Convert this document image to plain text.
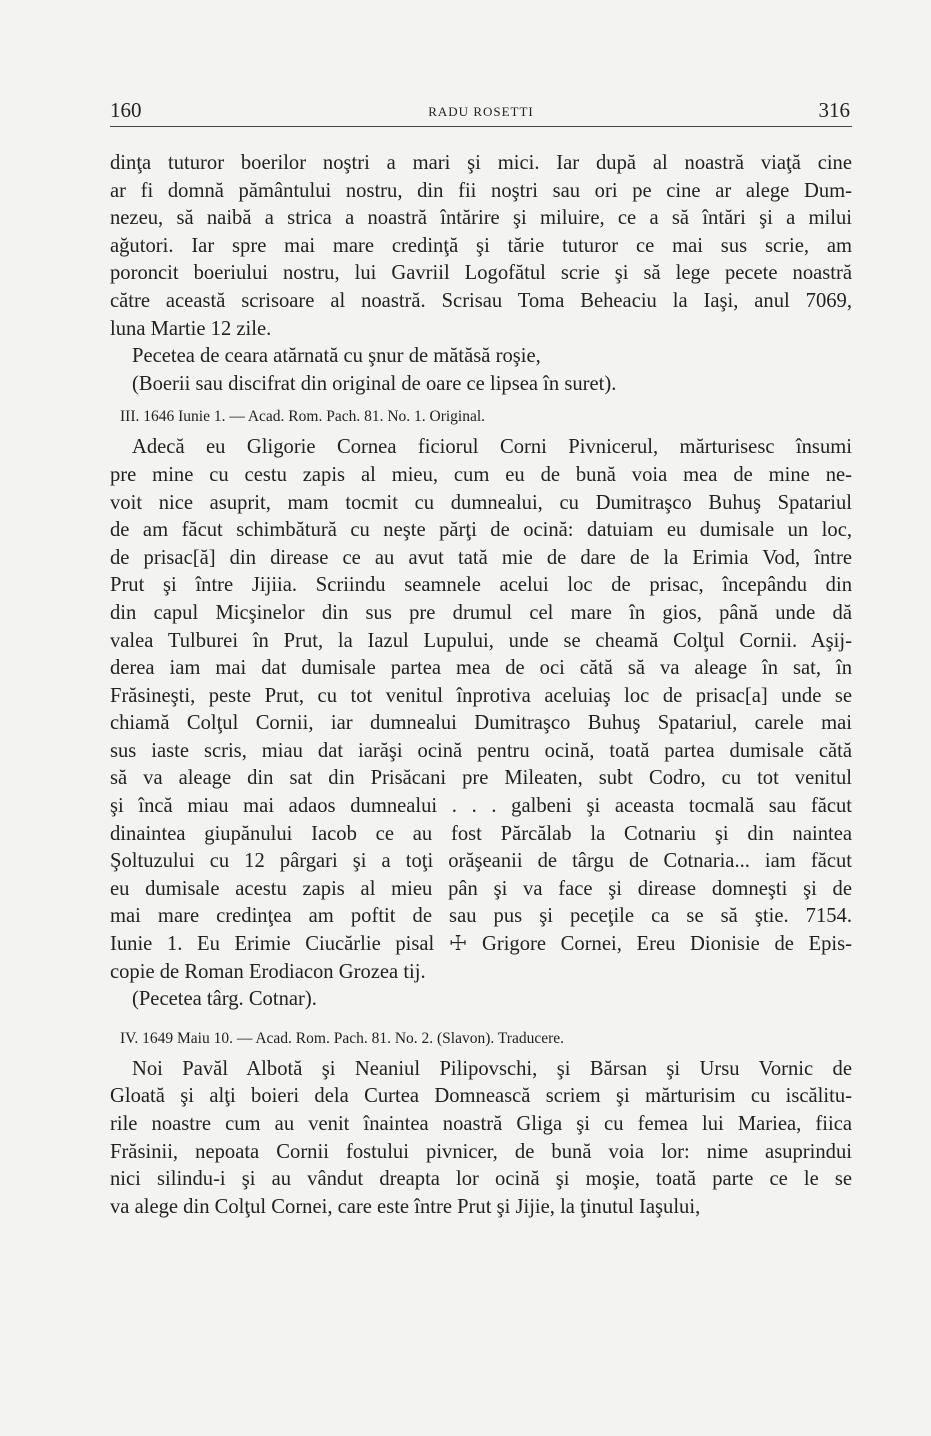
160	RADU ROSETTI	316

dinţa tuturor boerilor noştri a mari şi mici. Iar după al noastră viaţă cine
ar fi domnă pământului nostru, din fii noştri sau ori pe cine ar alege Dum-
nezeu, să naibă a strica a noastră întărire şi miluire, ce a să întări şi a milui
ağutori. Iar spre mai mare credinţă şi tărie tuturor ce mai sus scrie, am
poroncit boeriului nostru, lui Gavriil Logofătul scrie şi să lege pecete noastră
către această scrisoare al noastră. Scrisau Toma Beheaciu la Iaşi, anul 7069,
luna Martie 12 zile.

Pecetea de ceara atărnată cu şnur de mătăsă roşie,

(Boerii sau discifrat din original de oare ce lipsea în suret).

III. 1646 Iunie 1. — Acad. Rom. Pach. 81. No. 1. Original.

Adecă eu Gligorie Cornea ficiorul Corni Pivnicerul, mărturisesc însumi
pre mine cu cestu zapis al mieu, cum eu de bună voia mea de mine ne-
voit nice asuprit, mam tocmit cu dumnealui, cu Dumitraşco Buhuş Spatariul
de am făcut schimbătură cu neşte părţi de ocină: datuiam eu dumisale un loc,
de prisac[ă] din direase ce au avut tată mie de dare de la Erimia Vod, între
Prut şi între Jijiia. Scriindu seamnele acelui loc de prisac, începându din
din capul Micşinelor din sus pre drumul cel mare în gios, până unde dă
valea Tulburei în Prut, la Iazul Lupului, unde se cheamă Colţul Cornii. Aşij-
derea iam mai dat dumisale partea mea de oci cătă să va aleage în sat, în
Frăsineşti, peste Prut, cu tot venitul înprotiva aceluiaş loc de prisac[a] unde se
chiamă Colţul Cornii, iar dumnealui Dumitraşco Buhuş Spatariul, carele mai
sus iaste scris, miau dat iarăşi ocină pentru ocină, toată partea dumisale cătă
să va aleage din sat din Prisăcani pre Mileaten, subt Codro, cu tot venitul
şi încă miau mai adaos dumnealui . . . galbeni şi aceasta tocmală sau făcut
dinaintea giupănului Iacob ce au fost Părcălab la Cotnariu şi din naintea
Şoltuzului cu 12 pârgari şi a toţi orăşeanii de târgu de Cotnaria... iam făcut
eu dumisale acestu zapis al mieu pân şi va face şi direase domneşti şi de
mai mare credinţea am poftit de sau pus şi peceţile ca se să ştie. 7154.
Iunie 1. Eu Erimie Ciucărlie pisal ☩ Grigore Cornei, Ereu Dionisie de Epis-
copie de Roman Erodiacon Grozea tij.

(Pecetea târg. Cotnar).

IV. 1649 Maiu 10. — Acad. Rom. Pach. 81. No. 2. (Slavon). Traducere.

Noi Pavăl Albotă şi Neaniul Pilipovschi, şi Bărsan şi Ursu Vornic de
Gloată şi alţi boieri dela Curtea Domnească scriem şi mărturisim cu iscălitu-
rile noastre cum au venit înaintea noastră Gliga şi cu femea lui Mariea, fiica
Frăsinii, nepoata Cornii fostului pivnicer, de bună voia lor: nime asuprindui
nici silindu-i şi au vândut dreapta lor ocină şi moşie, toată parte ce le se
va alege din Colţul Cornei, care este între Prut şi Jijie, la ţinutul Iaşului,
